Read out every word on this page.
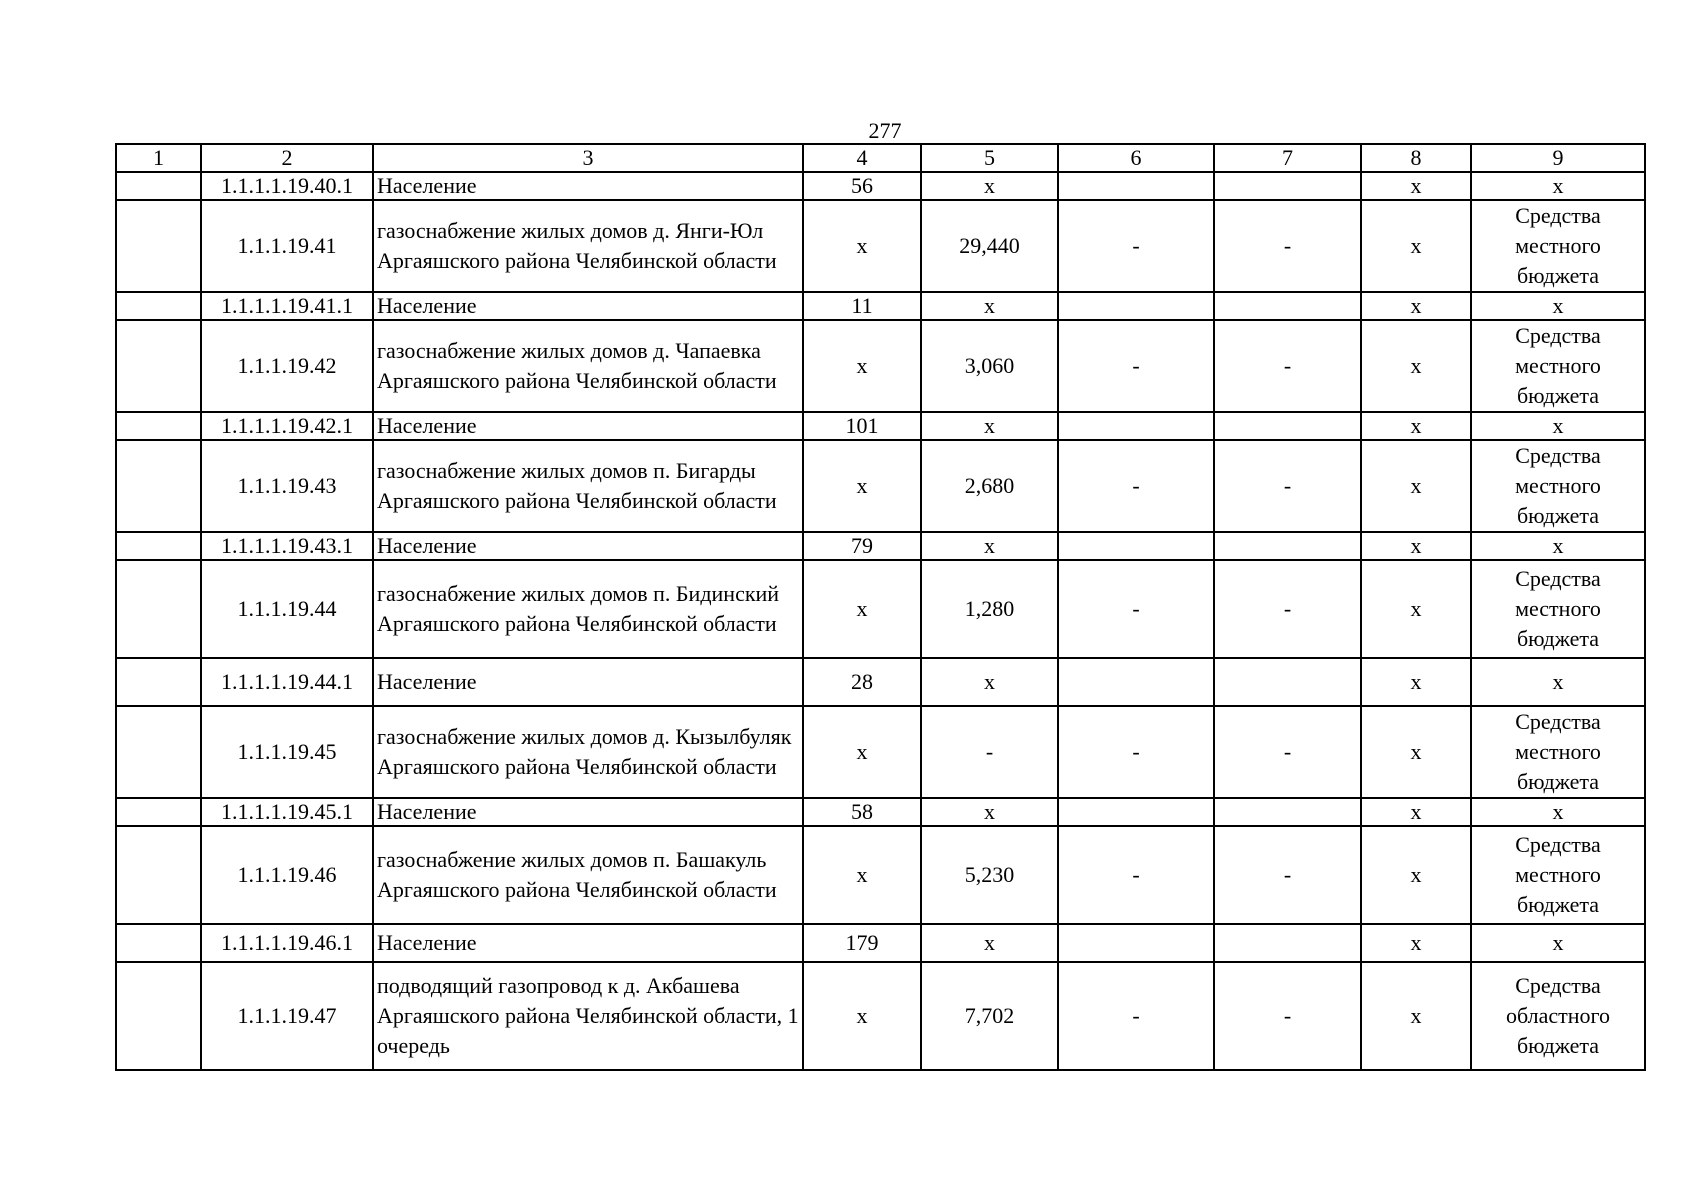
277
1	2	3	4	5	6	7	8	9
	1.1.1.1.19.40.1	Население	56	х			х	х
	1.1.1.19.41	газоснабжение жилых домов д. Янги-Юл Аргаяшского района Челябинской области	х	29,440	-	-	х	Средства местного бюджета
	1.1.1.1.19.41.1	Население	11	х			х	х
	1.1.1.19.42	газоснабжение жилых домов д. Чапаевка Аргаяшского района Челябинской области	х	3,060	-	-	х	Средства местного бюджета
	1.1.1.1.19.42.1	Население	101	х			х	х
	1.1.1.19.43	газоснабжение жилых домов п. Бигарды Аргаяшского района Челябинской области	х	2,680	-	-	х	Средства местного бюджета
	1.1.1.1.19.43.1	Население	79	х			х	х
	1.1.1.19.44	газоснабжение жилых домов п. Бидинский Аргаяшского района Челябинской области	х	1,280	-	-	х	Средства местного бюджета
	1.1.1.1.19.44.1	Население	28	х			х	х
	1.1.1.19.45	газоснабжение жилых домов д. Кызылбуляк Аргаяшского района Челябинской области	х	-	-	-	х	Средства местного бюджета
	1.1.1.1.19.45.1	Население	58	х			х	х
	1.1.1.19.46	газоснабжение жилых домов п. Башакуль Аргаяшского района Челябинской области	х	5,230	-	-	х	Средства местного бюджета
	1.1.1.1.19.46.1	Население	179	х			х	х
	1.1.1.19.47	подводящий газопровод к д. Акбашева Аргаяшского района Челябинской области, 1 очередь	х	7,702	-	-	х	Средства областного бюджета
